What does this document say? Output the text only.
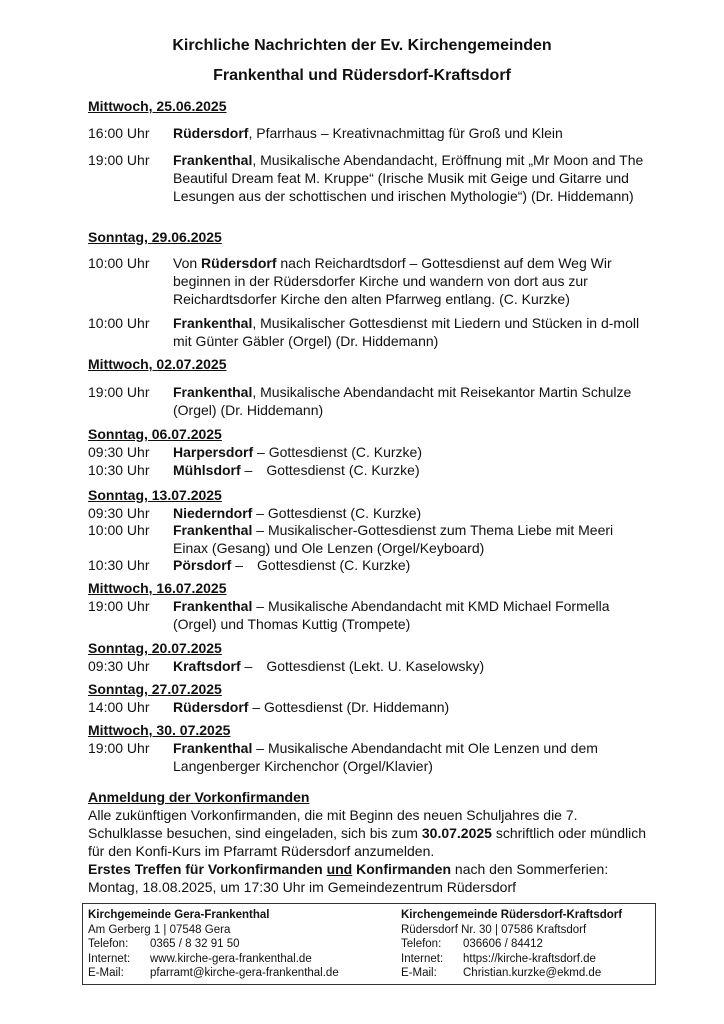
Kirchliche Nachrichten der Ev. Kirchengemeinden
Frankenthal und Rüdersdorf-Kraftsdorf
Mittwoch, 25.06.2025
16:00 Uhr Rüdersdorf, Pfarrhaus – Kreativnachmittag für Groß und Klein
19:00 Uhr Frankenthal, Musikalische Abendandacht, Eröffnung mit „Mr Moon and The Beautiful Dream feat M. Kruppe“ (Irische Musik mit Geige und Gitarre und Lesungen aus der schottischen und irischen Mythologie“) (Dr. Hiddemann)
Sonntag, 29.06.2025
10:00 Uhr Von Rüdersdorf nach Reichardtsdorf – Gottesdienst auf dem Weg Wir beginnen in der Rüdersdorfer Kirche und wandern von dort aus zur Reichardtsdorfer Kirche den alten Pfarrweg entlang. (C. Kurzke)
10:00 Uhr Frankenthal, Musikalischer Gottesdienst mit Liedern und Stücken in d-moll mit Günter Gäbler (Orgel) (Dr. Hiddemann)
Mittwoch, 02.07.2025
19:00 Uhr Frankenthal, Musikalische Abendandacht mit Reisekantor Martin Schulze (Orgel) (Dr. Hiddemann)
Sonntag, 06.07.2025
09:30 Uhr Harpersdorf – Gottesdienst (C. Kurzke)
10:30 Uhr Mühlsdorf – Gottesdienst (C. Kurzke)
Sonntag, 13.07.2025
09:30 Uhr Niederndorf – Gottesdienst (C. Kurzke)
10:00 Uhr Frankenthal – Musikalischer-Gottesdienst zum Thema Liebe mit Meeri Einax (Gesang) und Ole Lenzen (Orgel/Keyboard)
10:30 Uhr Pörsdorf – Gottesdienst (C. Kurzke)
Mittwoch, 16.07.2025
19:00 Uhr Frankenthal – Musikalische Abendandacht mit KMD Michael Formella (Orgel) und Thomas Kuttig (Trompete)
Sonntag, 20.07.2025
09:30 Uhr Kraftsdorf – Gottesdienst (Lekt. U. Kaselowsky)
Sonntag, 27.07.2025
14:00 Uhr Rüdersdorf – Gottesdienst (Dr. Hiddemann)
Mittwoch, 30. 07.2025
19:00 Uhr Frankenthal – Musikalische Abendandacht mit Ole Lenzen und dem Langenberger Kirchenchor (Orgel/Klavier)
Anmeldung der Vorkonfirmanden
Alle zukünftigen Vorkonfirmanden, die mit Beginn des neuen Schuljahres die 7. Schulklasse besuchen, sind eingeladen, sich bis zum 30.07.2025 schriftlich oder mündlich für den Konfi-Kurs im Pfarramt Rüdersdorf anzumelden.
Erstes Treffen für Vorkonfirmanden und Konfirmanden nach den Sommerferien:
Montag, 18.08.2025, um 17:30 Uhr im Gemeindezentrum Rüdersdorf
Kirchgemeinde Gera-Frankenthal
Am Gerberg 1 | 07548 Gera
Telefon: 0365 / 8 32 91 50
Internet: www.kirche-gera-frankenthal.de
E-Mail: pfarramt@kirche-gera-frankenthal.de
Kirchengemeinde Rüdersdorf-Kraftsdorf
Rüdersdorf Nr. 30 | 07586 Kraftsdorf
Telefon: 036606 / 84412
Internet: https://kirche-kraftsdorf.de
E-Mail: Christian.kurzke@ekmd.de
